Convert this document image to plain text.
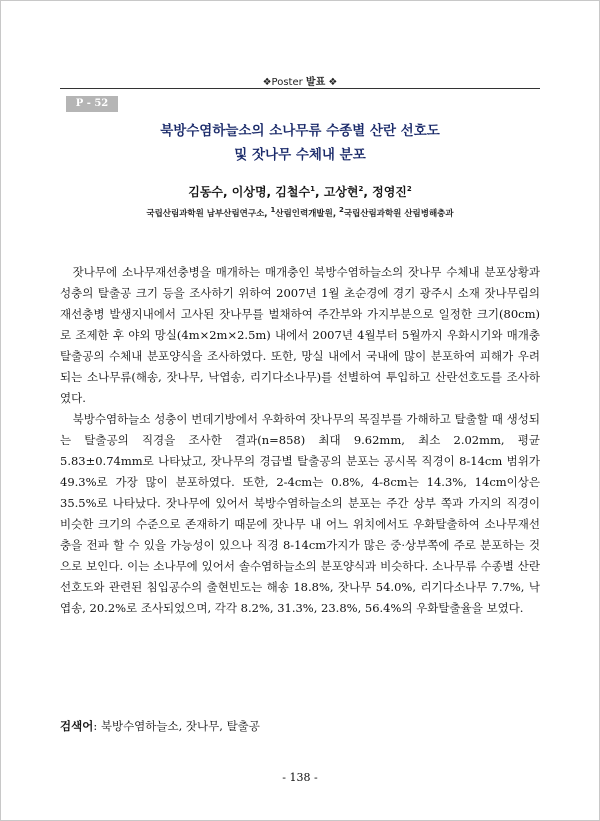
❖Poster 발표 ❖
P - 52
북방수염하늘소의 소나무류 수종별 산란 선호도
및 잣나무 수체내 분포
김동수, 이상명, 김철수$^1$, 고상현$^2$, 정영진$^2$
국립산림과학원 남부산림연구소, $^1$산림인력개발원, $^2$국립산림과학원 산림병해충과

잣나무에 소나무재선충병을 매개하는 매개충인 북방수염하늘소의 잣나무 수체내 분포상황과 성충의 탈출공 크기 등을 조사하기 위하여 2007년 1월 초순경에 경기 광주시 소재 잣나무림의 재선충병 발생지내에서 고사된 잣나무를 벌채하여 주간부와 가지부분으로 일정한 크기(80cm)로 조제한 후 야외 망실(4m×2m×2.5m) 내에서 2007년 4월부터 5월까지 우화시기와 매개충 탈출공의 수체내 분포양식을 조사하였다. 또한, 망실 내에서 국내에 많이 분포하여 피해가 우려되는 소나무류(해송, 잣나무, 낙엽송, 리기다소나무)를 선별하여 투입하고 산란선호도를 조사하였다.

북방수염하늘소 성충이 번데기방에서 우화하여 잣나무의 목질부를 가해하고 탈출할 때 생성되는 탈출공의 직경을 조사한 결과(n=858) 최대 9.62mm, 최소 2.02mm, 평균 5.83±0.74mm로 나타났고, 잣나무의 경급별 탈출공의 분포는 공시목 직경이 8-14cm 범위가 49.3%로 가장 많이 분포하였다. 또한, 2-4cm는 0.8%, 4-8cm는 14.3%, 14cm이상은 35.5%로 나타났다. 잣나무에 있어서 북방수염하늘소의 분포는 주간 상부 쪽과 가지의 직경이 비슷한 크기의 수준으로 존재하기 때문에 잣나무 내 어느 위치에서도 우화탈출하여 소나무재선충을 전파 할 수 있을 가능성이 있으나 직경 8-14cm가지가 많은 중·상부쪽에 주로 분포하는 것으로 보인다. 이는 소나무에 있어서 솔수염하늘소의 분포양식과 비슷하다. 소나무류 수종별 산란선호도와 관련된 침입공수의 출현빈도는 해송 18.8%, 잣나무 54.0%, 리기다소나무 7.7%, 낙엽송, 20.2%로 조사되었으며, 각각 8.2%, 31.3%, 23.8%, 56.4%의 우화탈출율을 보였다.

검색어: 북방수염하늘소, 잣나무, 탈출공
- 138 -
